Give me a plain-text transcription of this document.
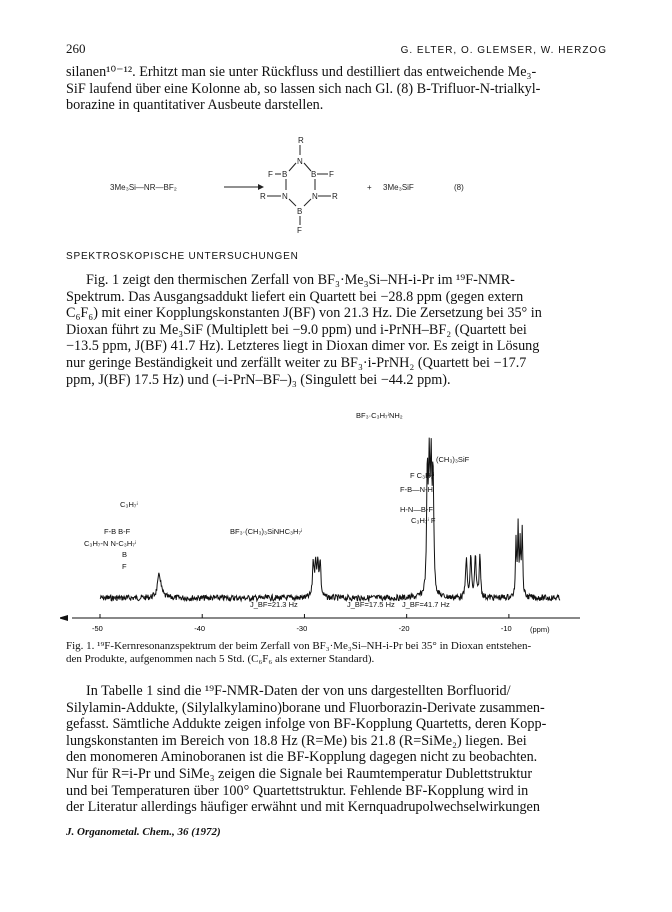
260	G. ELTER, O. GLEMSER, W. HERZOG
silanen¹⁰⁻¹². Erhitzt man sie unter Rückfluss und destilliert das entweichende Me₃-
SiF laufend über eine Kolonne ab, so lassen sich nach Gl. (8) B-Trifluor-N-trialkyl-
borazine in quantitativer Ausbeute darstellen.
3Me₃Si—NR—BF₂
R
N
F B	B F
R N	N R
B
F
+ 3Me₃SiF	(8)
SPEKTROSKOPISCHE UNTERSUCHUNGEN
Fig. 1 zeigt den thermischen Zerfall von BF₃·Me₃Si–NH-i-Pr im ¹⁹F-NMR-
Spektrum. Das Ausgangsaddukt liefert ein Quartett bei −28.8 ppm (gegen extern
C₆F₆) mit einer Kopplungskonstanten J(BF) von 21.3 Hz. Die Zersetzung bei 35° in
Dioxan führt zu Me₃SiF (Multiplett bei −9.0 ppm) und i-PrNH–BF₂ (Quartett bei
−13.5 ppm, J(BF) 41.7 Hz). Letzteres liegt in Dioxan dimer vor. Es zeigt in Lösung
nur geringe Beständigkeit und zerfällt weiter zu BF₃·i-PrNH₂ (Quartett bei −17.7
ppm, J(BF) 17.5 Hz) und (–i-PrN–BF–)₃ (Singulett bei −44.2 ppm).
-50	-40	-30	-20	-10 (ppm)
BF₃·C₃H₇ⁱNH₂
(CH₃)₃SiF
BF₃·(CH₃)₃SiNHC₃H₇ⁱ
C₃H₇ⁱ
F-B B-F
C₃H₇-N N-C₃H₇ⁱ
B
F
F C₃H₇ⁱ
F-B—N-H
H-N—B-F
C₃H₇ⁱ F
J_BF=21.3 Hz	J_BF=17.5 Hz J_BF=41.7 Hz
Fig. 1. ¹⁹F-Kernresonanzspektrum der beim Zerfall von BF₃·Me₃Si–NH-i-Pr bei 35° in Dioxan entstehen-
den Produkte, aufgenommen nach 5 Std. (C₆F₆ als externer Standard).
In Tabelle 1 sind die ¹⁹F-NMR-Daten der von uns dargestellten Borfluorid/
Silylamin-Addukte, (Silylalkylamino)borane und Fluorborazin-Derivate zusammen-
gefasst. Sämtliche Addukte zeigen infolge von BF-Kopplung Quartetts, deren Kopp-
lungskonstanten im Bereich von 18.8 Hz (R=Me) bis 21.8 (R=SiMe₂) liegen. Bei
den monomeren Aminoboranen ist die BF-Kopplung dagegen nicht zu beobachten.
Nur für R=i-Pr und SiMe₃ zeigen die Signale bei Raumtemperatur Dublettstruktur
und bei Temperaturen über 100° Quartettstruktur. Fehlende BF-Kopplung wird in
der Literatur allerdings häufiger erwähnt und mit Kernquadrupolwechselwirkungen
J. Organometal. Chem., 36 (1972)
